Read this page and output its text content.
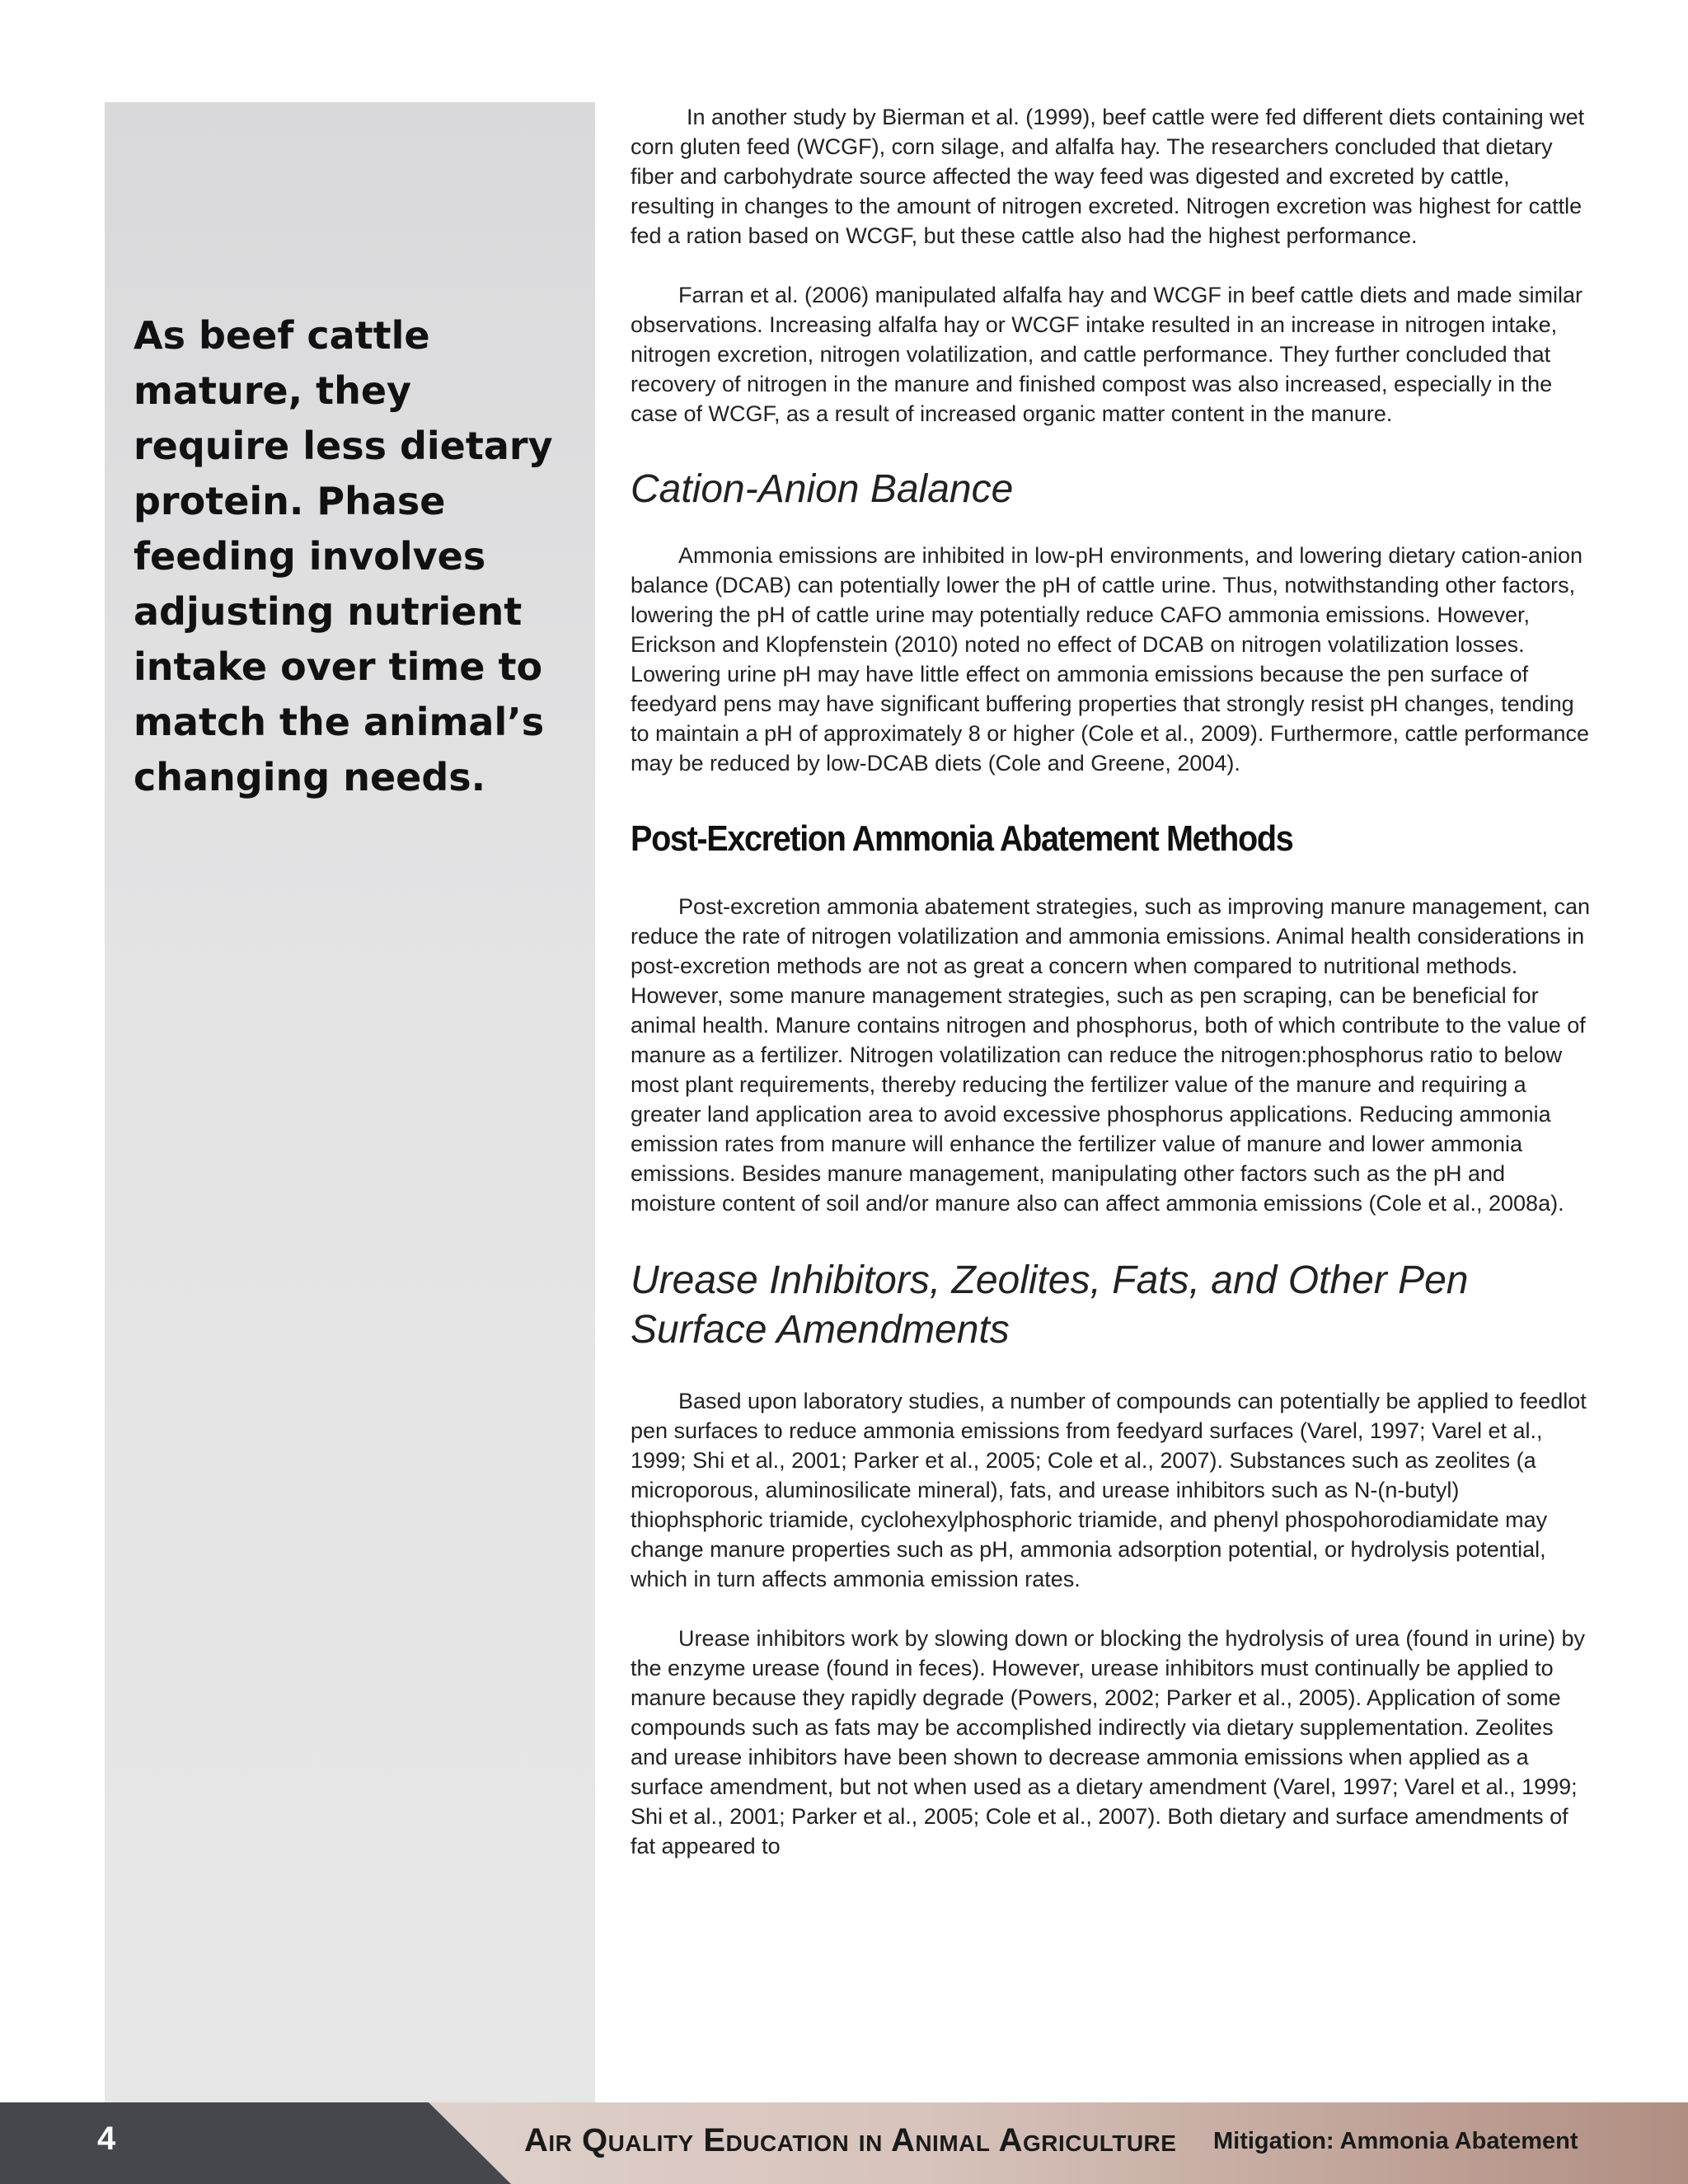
As beef cattle mature, they require less dietary protein. Phase feeding involves adjusting nutrient intake over time to match the animal’s changing needs.

In another study by Bierman et al. (1999), beef cattle were fed different diets containing wet corn gluten feed (WCGF), corn silage, and alfalfa hay. The researchers concluded that dietary fiber and carbohydrate source affected the way feed was digested and excreted by cattle, resulting in changes to the amount of nitrogen excreted. Nitrogen excretion was highest for cattle fed a ration based on WCGF, but these cattle also had the highest performance.

Farran et al. (2006) manipulated alfalfa hay and WCGF in beef cattle diets and made similar observations. Increasing alfalfa hay or WCGF intake resulted in an increase in nitrogen intake, nitrogen excretion, nitrogen volatilization, and cattle performance. They further concluded that recovery of nitrogen in the manure and finished compost was also increased, especially in the case of WCGF, as a result of increased organic matter content in the manure.

Cation-Anion Balance

Ammonia emissions are inhibited in low-pH environments, and lowering dietary cation-anion balance (DCAB) can potentially lower the pH of cattle urine. Thus, notwithstanding other factors, lowering the pH of cattle urine may potentially reduce CAFO ammonia emissions. However, Erickson and Klopfenstein (2010) noted no effect of DCAB on nitrogen volatilization losses. Lowering urine pH may have little effect on ammonia emissions because the pen surface of feedyard pens may have significant buffering properties that strongly resist pH changes, tending to maintain a pH of approximately 8 or higher (Cole et al., 2009). Furthermore, cattle performance may be reduced by low-DCAB diets (Cole and Greene, 2004).

Post-Excretion Ammonia Abatement Methods

Post-excretion ammonia abatement strategies, such as improving manure management, can reduce the rate of nitrogen volatilization and ammonia emissions. Animal health considerations in post-excretion methods are not as great a concern when compared to nutritional methods. However, some manure management strategies, such as pen scraping, can be beneficial for animal health. Manure contains nitrogen and phosphorus, both of which contribute to the value of manure as a fertilizer. Nitrogen volatilization can reduce the nitrogen:phosphorus ratio to below most plant requirements, thereby reducing the fertilizer value of the manure and requiring a greater land application area to avoid excessive phosphorus applications. Reducing ammonia emission rates from manure will enhance the fertilizer value of manure and lower ammonia emissions. Besides manure management, manipulating other factors such as the pH and moisture content of soil and/or manure also can affect ammonia emissions (Cole et al., 2008a).

Urease Inhibitors, Zeolites, Fats, and Other Pen Surface Amendments

Based upon laboratory studies, a number of compounds can potentially be applied to feedlot pen surfaces to reduce ammonia emissions from feedyard surfaces (Varel, 1997; Varel et al., 1999; Shi et al., 2001; Parker et al., 2005; Cole et al., 2007). Substances such as zeolites (a microporous, aluminosilicate mineral), fats, and urease inhibitors such as N-(n-butyl) thiophsphoric triamide, cyclohexylphosphoric triamide, and phenyl phospohorodiamidate may change manure properties such as pH, ammonia adsorption potential, or hydrolysis potential, which in turn affects ammonia emission rates.

Urease inhibitors work by slowing down or blocking the hydrolysis of urea (found in urine) by the enzyme urease (found in feces). However, urease inhibitors must continually be applied to manure because they rapidly degrade (Powers, 2002; Parker et al., 2005). Application of some compounds such as fats may be accomplished indirectly via dietary supplementation. Zeolites and urease inhibitors have been shown to decrease ammonia emissions when applied as a surface amendment, but not when used as a dietary amendment (Varel, 1997; Varel et al., 1999; Shi et al., 2001; Parker et al., 2005; Cole et al., 2007). Both dietary and surface amendments of fat appeared to

4	Air Quality Education in Animal Agriculture Mitigation: Ammonia Abatement
